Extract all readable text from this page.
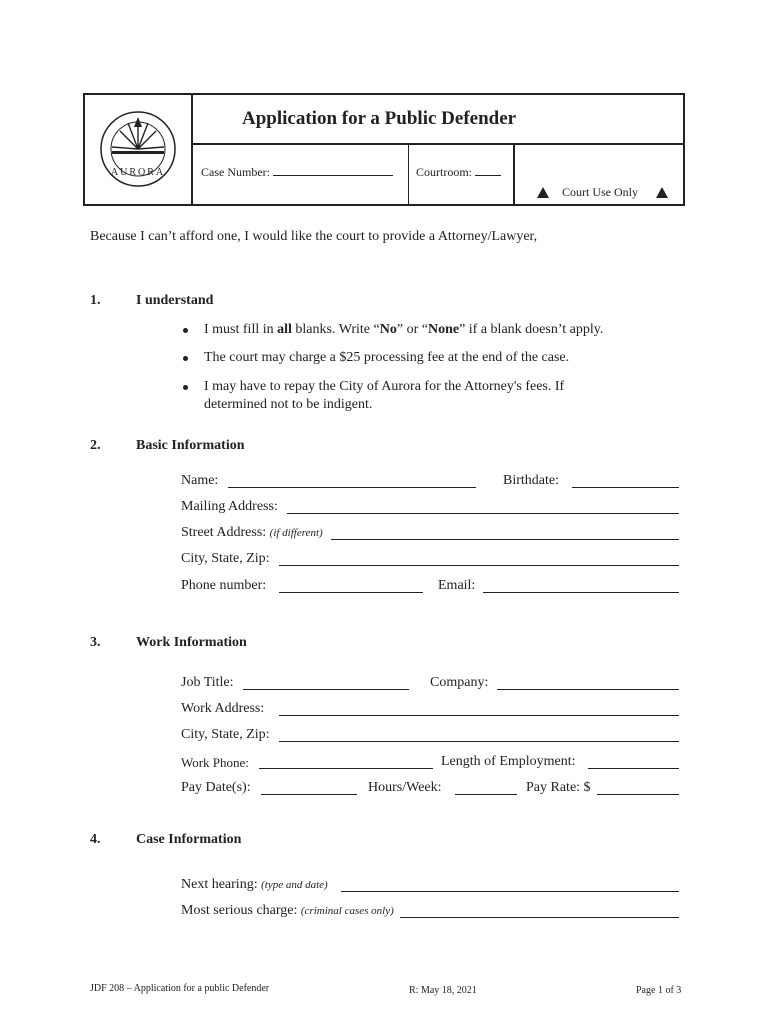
AURORA
Application for a Public Defender
Case Number:	Courtroom:
Court Use Only
Because I can’t afford one, I would like the court to provide a Attorney/Lawyer,
1.	I understand
I must fill in all blanks. Write “No” or “None” if a blank doesn’t apply.
The court may charge a $25 processing fee at the end of the case.
I may have to repay the City of Aurora for the Attorney's fees. If
determined not to be indigent.
2.	Basic Information
Name:	Birthdate:
Mailing Address:
Street Address: (if different)
City, State, Zip:
Phone number:	Email:
3.	Work Information
Job Title:	Company:
Work Address:
City, State, Zip:
Work Phone:	Length of Employment:
Pay Date(s):	Hours/Week:	Pay Rate: $
4.	Case Information
Next hearing: (type and date)
Most serious charge: (criminal cases only)
JDF 208 – Application for a public Defender	R: May 18, 2021	Page 1 of 3
